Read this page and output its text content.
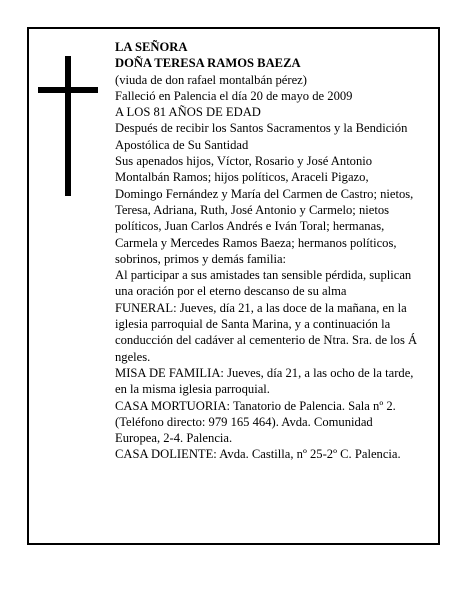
LA SEÑORA

DOÑA TERESA RAMOS BAEZA

(viuda de don rafael montalbán pérez)

Falleció en Palencia el día 20 de mayo de 2009

A LOS 81 AÑOS DE EDAD

Después de recibir los Santos Sacramentos y la Bendición Apostólica de Su Santidad

Sus apenados hijos, Víctor, Rosario y José Antonio Montalbán Ramos; hijos políticos, Araceli Pigazo, Domingo Fernández y María del Carmen de Castro; nietos, Teresa, Adriana, Ruth, José Antonio y Carmelo; nietos políticos, Juan Carlos Andrés e Iván Toral; hermanas, Carmela y Mercedes Ramos Baeza; hermanos políticos, sobrinos, primos y demás familia:

Al participar a sus amistades tan sensible pérdida, suplican una oración por el eterno descanso de su alma

FUNERAL: Jueves, día 21, a las doce de la mañana, en la iglesia parroquial de Santa Marina, y a continuación la conducción del cadáver al cementerio de Ntra. Sra. de los Á ngeles.

MISA DE FAMILIA: Jueves, día 21, a las ocho de la tarde, en la misma iglesia parroquial.

CASA MORTUORIA: Tanatorio de Palencia. Sala nº 2. (Teléfono directo: 979 165 464). Avda. Comunidad Europea, 2-4. Palencia.

CASA DOLIENTE: Avda. Castilla, nº 25-2º C. Palencia.
